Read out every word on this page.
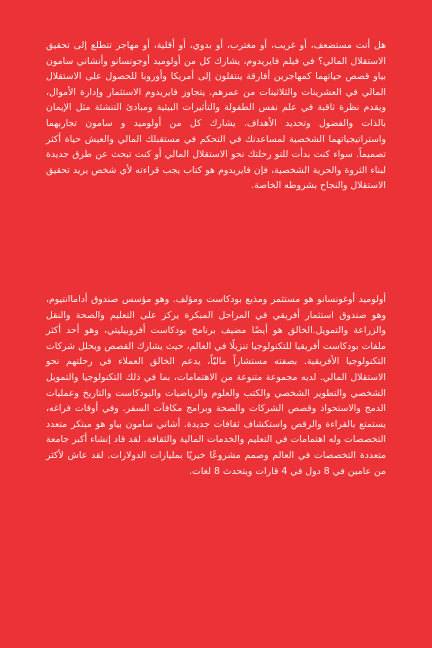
هل أنت مستضعف، أو غريب، أو مغترب، أو بدوي، أو أقلية، أو مهاجر تتطلع إلى تحقيق الاستقلال المالي؟ في فيلم فايريدوم، يشارك كل من أولوميد أوجونسانو وأنشاني سامون بياو قصص حياتهما كمهاجرين أفارقة ينتقلون إلى أمريكا وأوروبا للحصول على الاستقلال المالي في العشرينات والثلاثينات من عمرهم. يتجاوز فايريدوم الاستثمار وإدارة الأموال، ويقدم نظرة ثاقبة في علم نفس الطفولة والتأثيرات البيئية ومبادئ التنشئة مثل الإيمان بالذات والفضول وتحديد الأهداف. يشارك كل من أولوميد و سامون تجاربهما واستراتيجياتهما الشخصية لمساعدتك في التحكم في مستقبلك المالي والعيش حياة أكثر تصميماً. سواء كنت بدأت للتو رحلتك نحو الاستقلال المالي أو كنت تبحث عن طرق جديدة لبناء الثروة والحرية الشخصية، فإن فايريدوم هو كتاب يجب قراءته لأي شخص يريد تحقيق الاستقلال والنجاح بشروطه الخاصة.

أولوميد أوغونسانو هو مستثمر ومذيع بودكاست ومؤلف. وهو مؤسس صندوق أداماانتيوم، وهو صندوق استثمار أفريقي في المراحل المبكرة يركز على التعليم والصحة والنقل والزراعة والتمويل.الخالق هو أيضًا مضيف برنامج بودكاست أفروبيليتي، وهو أحد أكثر ملفات بودكاست أفريقيا للتكنولوجيا تنزيلًا في العالم، حيث يشارك القصص ويحلل شركات التكنولوجيا الأفريقية. بصفته مستشاراً ماليّاً، يدعم الخالق العملاء في رحلتهم نحو الاستقلال المالي. لديه مجموعة متنوعة من الاهتمامات، بما في ذلك التكنولوجيا والتمويل الشخصي والتطوير الشخصي والكتب والعلوم والرياضيات والبودكاست والتاريخ وعمليات الدمج والاستحواذ وقصص الشركات والصحة وبرامج مكافآت السفر. وفي أوقات فراغه، يستمتع بالقراءة والرقص واستكشاف ثقافات جديدة. أشاني سامون بياو هو مبتكر متعدد التخصصات وله اهتمامات في التعليم والخدمات المالية والثقافة. لقد قاد إنشاء أكبر جامعة متعددة التخصصات في العالم وصمم مشروعًا خيريًا بمليارات الدولارات. لقد عاش لأكثر من عامين في 8 دول في 4 قارات ويتحدث 8 لغات.
